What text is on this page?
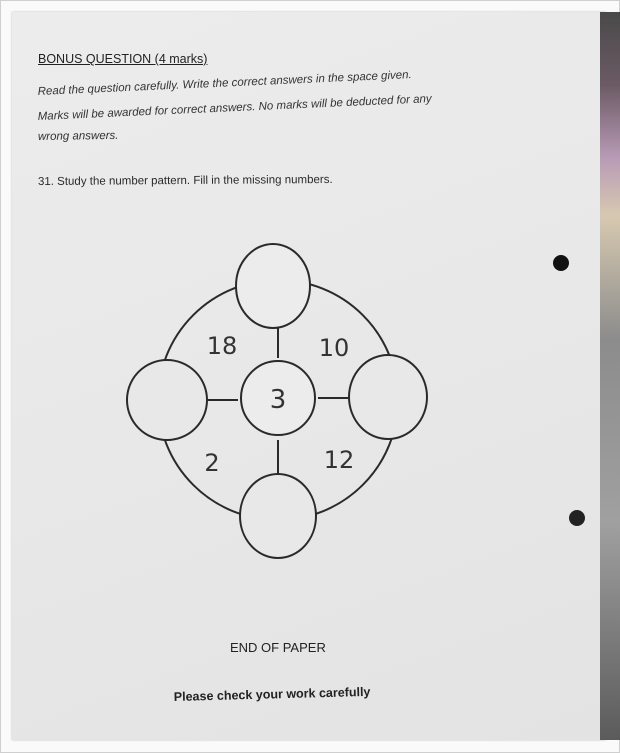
BONUS QUESTION (4 marks)
Read the question carefully. Write the correct answers in the space given.
Marks will be awarded for correct answers. No marks will be deducted for any
wrong answers.
31. Study the number pattern. Fill in the missing numbers.
3
18	10
2	12
END OF PAPER
Please check your work carefully
